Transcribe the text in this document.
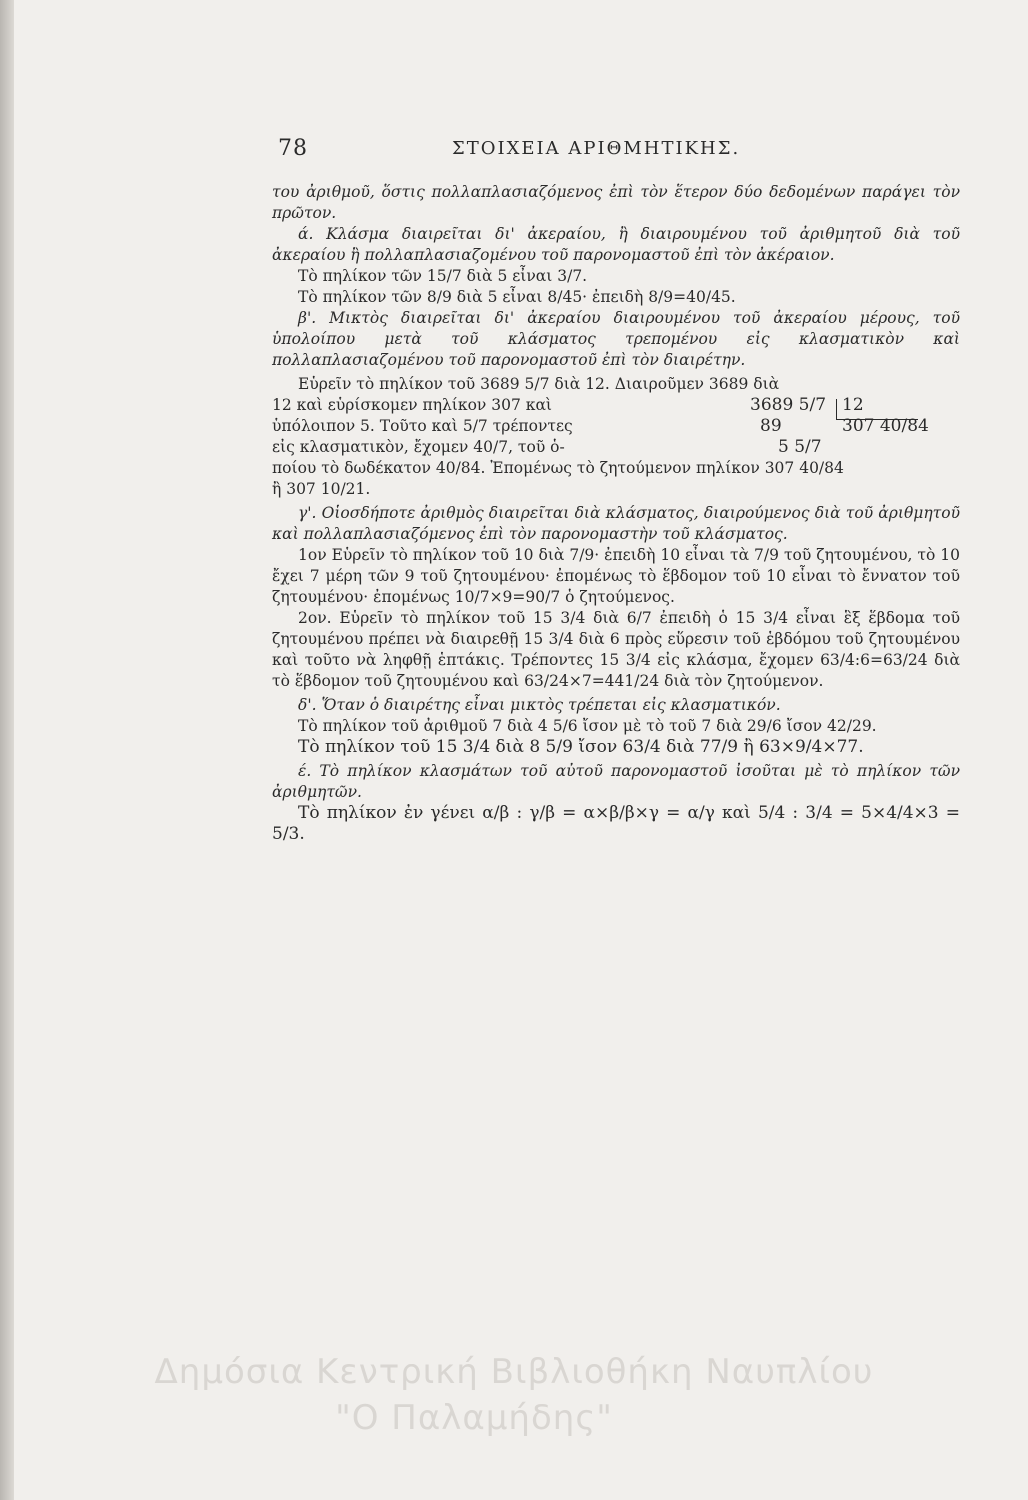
78	ΣΤΟΙΧΕΙΑ ΑΡΙΘΜΗΤΙΚΗΣ.

του ἀριθμοῦ, ὅστις πολλαπλασιαζόμενος ἐπὶ τὸν ἕτερον δύο δεδομένων παράγει τὸν πρῶτον.

ά. Κλάσμα διαιρεῖται δι' ἀκεραίου, ἢ διαιρουμένου τοῦ ἀριθμητοῦ διὰ τοῦ ἀκεραίου ἢ πολλαπλασιαζομένου τοῦ παρονομαστοῦ ἐπὶ τὸν ἀκέραιον.

Τὸ πηλίκον τῶν 15/7 διὰ 5 εἶναι 3/7.

Τὸ πηλίκον τῶν 8/9 διὰ 5 εἶναι 8/45· ἐπειδὴ 8/9=40/45.

β'. Μικτὸς διαιρεῖται δι' ἀκεραίου διαιρουμένου τοῦ ἀκεραίου μέρους, τοῦ ὑπολοίπου μετὰ τοῦ κλάσματος τρεπομένου εἰς κλασματικὸν καὶ πολλαπλασιαζομένου τοῦ παρονομαστοῦ ἐπὶ τὸν διαιρέτην.

Εὑρεῖν τὸ πηλίκον τοῦ 3689 5/7 διὰ 12. Διαιροῦμεν 3689 διὰ

12 καὶ εὑρίσκομεν πηλίκον 307 καὶ

ὑπόλοιπον 5. Τοῦτο καὶ 5/7 τρέποντες

εἰς κλασματικὸν, ἔχομεν 40/7, τοῦ ὁ-

ποίου τὸ δωδέκατον 40/84. Ἐπομένως τὸ ζητούμενον πηλίκον 307 40/84

ἢ 307 10/21.

3689 5/7 12
89	307 40/84
5 5/7

γ'. Οἱοσδήποτε ἀριθμὸς διαιρεῖται διὰ κλάσματος, διαιρούμενος διὰ τοῦ ἀριθμητοῦ καὶ πολλαπλασιαζόμενος ἐπὶ τὸν παρονομαστὴν τοῦ κλάσματος.

1ον Εὑρεῖν τὸ πηλίκον τοῦ 10 διὰ 7/9· ἐπειδὴ 10 εἶναι τὰ 7/9 τοῦ ζητουμένου, τὸ 10 ἔχει 7 μέρη τῶν 9 τοῦ ζητουμένου· ἐπομένως τὸ ἕβδομον τοῦ 10 εἶναι τὸ ἔννατον τοῦ ζητουμένου· ἐπομένως 10/7×9=90/7 ὁ ζητούμενος.

2ον. Εὑρεῖν τὸ πηλίκον τοῦ 15 3/4 διὰ 6/7 ἐπειδὴ ὁ 15 3/4 εἶναι ἓξ ἕβδομα τοῦ ζητουμένου πρέπει νὰ διαιρεθῇ 15 3/4 διὰ 6 πρὸς εὕρεσιν τοῦ ἑβδόμου τοῦ ζητουμένου καὶ τοῦτο νὰ ληφθῇ ἑπτάκις. Τρέποντες 15 3/4 εἰς κλάσμα, ἔχομεν 63/4:6=63/24 διὰ τὸ ἕβδομον τοῦ ζητουμένου καὶ 63/24×7=441/24 διὰ τὸν ζητούμενον.

δ'. Ὅταν ὁ διαιρέτης εἶναι μικτὸς τρέπεται εἰς κλασματικόν.

Τὸ πηλίκον τοῦ ἀριθμοῦ 7 διὰ 4 5/6 ἴσον μὲ τὸ τοῦ 7 διὰ 29/6 ἴσον 42/29.

Τὸ πηλίκον τοῦ 15 3/4 διὰ 8 5/9 ἴσον 63/4 διὰ 77/9 ἢ 63×9/4×77.

έ. Τὸ πηλίκον κλασμάτων τοῦ αὐτοῦ παρονομαστοῦ ἰσοῦται μὲ τὸ πηλίκον τῶν ἀριθμητῶν.

Τὸ πηλίκον ἐν γένει α/β : γ/β = α×β/β×γ = α/γ καὶ 5/4 : 3/4 = 5×4/4×3 = 5/3.

Δημόσια Κεντρική Βιβλιοθήκη Ναυπλίου
"Ο Παλαμήδης"
